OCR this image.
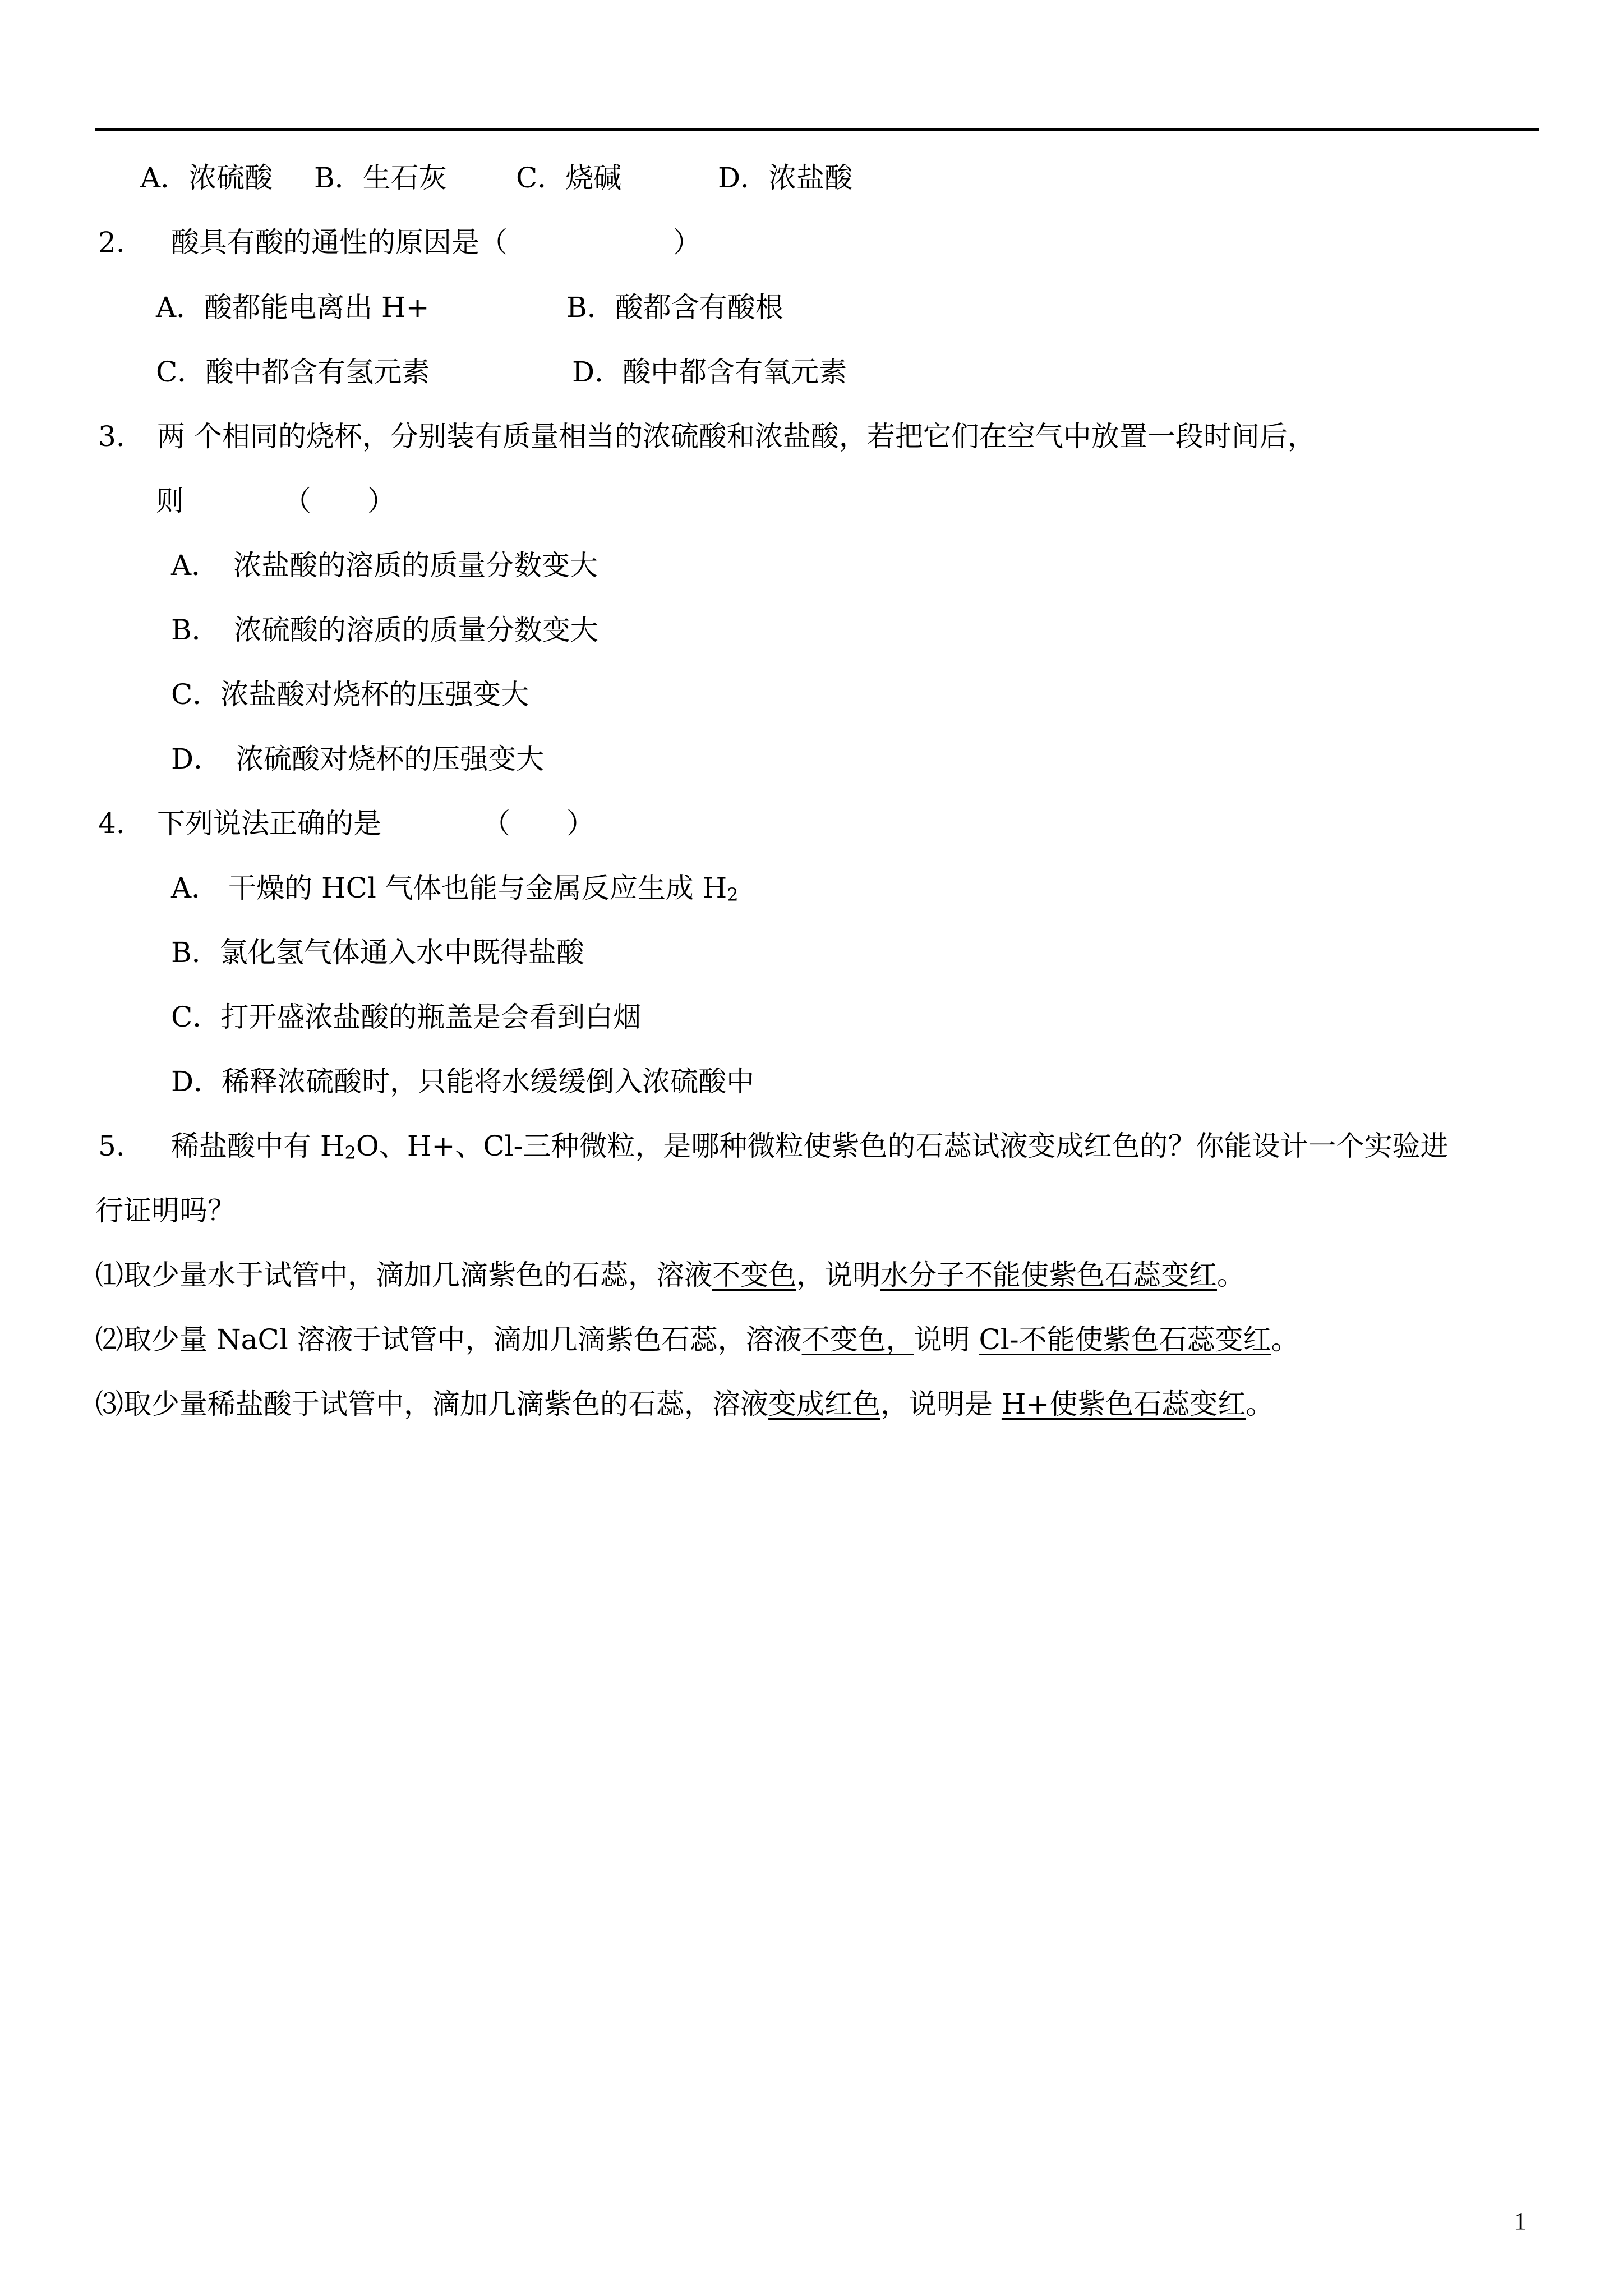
A．浓硫酸 B．生石灰 C．烧碱	D．浓盐酸
2. 酸具有酸的通性的原因是（	）
A．酸都能电离出 H+	B．酸都含有酸根
C．酸中都含有氢元素	D．酸中都含有氧元素
3. 两 个相同的烧杯，分别装有质量相当的浓硫酸和浓盐酸，若把它们在空气中放置一段时间后，
则	（　　）
A．　浓盐酸的溶质的质量分数变大
B．　浓硫酸的溶质的质量分数变大
C．浓盐酸对烧杯的压强变大
D．　浓硫酸对烧杯的压强变大
4. 下列说法正确的是	（　　）
A． 干燥的 HCl 气体也能与金属反应生成 $H_2$
B．氯化氢气体通入水中既得盐酸
C．打开盛浓盐酸的瓶盖是会看到白烟
D．稀释浓硫酸时，只能将水缓缓倒入浓硫酸中
5. 稀盐酸中有 $H_2O$、H+、Cl-三种微粒，是哪种微粒使紫色的石蕊试液变成红色的？你能设计一个实验进
行证明吗？
⑴取少量水于试管中，滴加几滴紫色的石蕊，溶液不变色，说明水分子不能使紫色石蕊变红。
⑵取少量 NaCl 溶液于试管中，滴加几滴紫色石蕊，溶液不变色，说明 Cl-不能使紫色石蕊变红。
⑶取少量稀盐酸于试管中，滴加几滴紫色的石蕊，溶液变成红色，说明是 H+使紫色石蕊变红。
1
